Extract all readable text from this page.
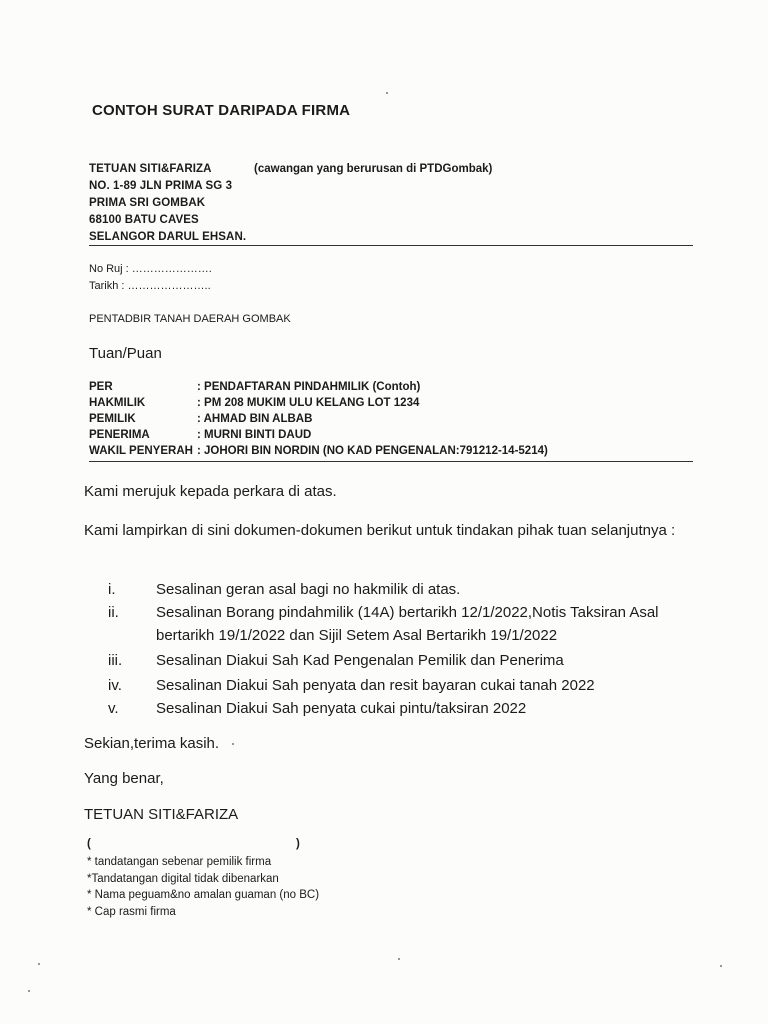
CONTOH SURAT DARIPADA FIRMA
TETUAN SITI&FARIZA	(cawangan yang berurusan di PTDGombak)
NO. 1-89 JLN PRIMA SG 3
PRIMA SRI GOMBAK
68100 BATU CAVES
SELANGOR DARUL EHSAN.
No Ruj : ………………….
Tarikh : …………………..
PENTADBIR TANAH DAERAH GOMBAK
Tuan/Puan
PER	: PENDAFTARAN PINDAHMILIK (Contoh)
HAKMILIK	: PM 208 MUKIM ULU KELANG LOT 1234
PEMILIK	: AHMAD BIN ALBAB
PENERIMA	: MURNI BINTI DAUD
WAKIL PENYERAH : JOHORI BIN NORDIN (NO KAD PENGENALAN:791212-14-5214)
Kami merujuk kepada perkara di atas.
Kami lampirkan di sini dokumen-dokumen berikut untuk tindakan pihak tuan selanjutnya :
i.	Sesalinan geran asal bagi no hakmilik di atas.
ii.	Sesalinan Borang pindahmilik (14A) bertarikh 12/1/2022,Notis Taksiran Asal bertarikh 19/1/2022 dan Sijil Setem Asal Bertarikh 19/1/2022
iii.	Sesalinan Diakui Sah Kad Pengenalan Pemilik dan Penerima
iv.	Sesalinan Diakui Sah penyata dan resit bayaran cukai tanah 2022
v.	Sesalinan Diakui Sah penyata cukai pintu/taksiran 2022
Sekian,terima kasih.
Yang benar,
TETUAN SITI&FARIZA
(	)
* tandatangan sebenar pemilik firma
*Tandatangan digital tidak dibenarkan
* Nama peguam&no amalan guaman (no BC)
* Cap rasmi firma
